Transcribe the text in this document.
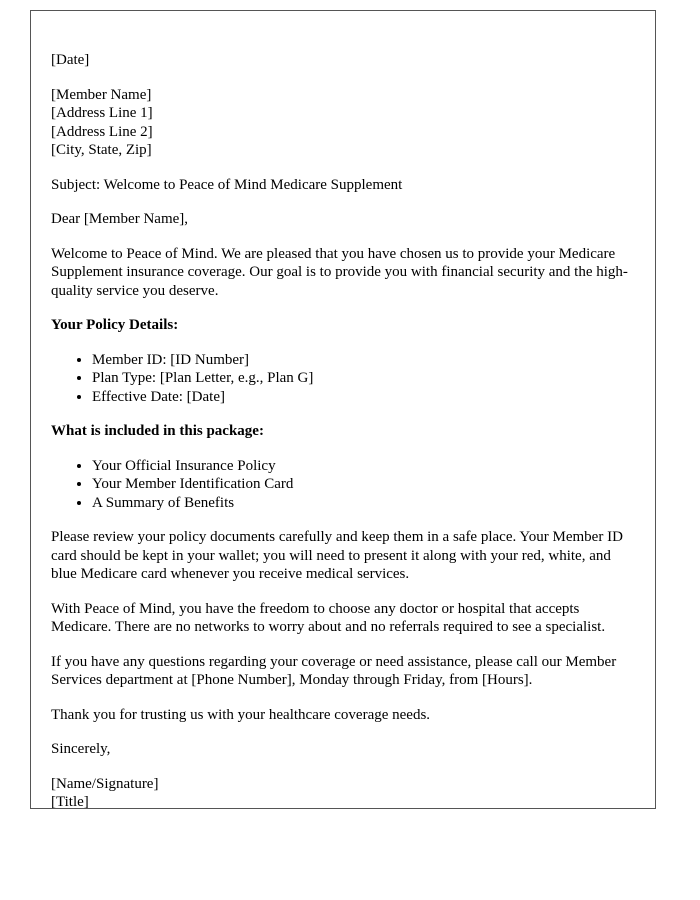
[Date]

[Member Name]

[Address Line 1]

[Address Line 2]

[City, State, Zip]

Subject: Welcome to Peace of Mind Medicare Supplement

Dear [Member Name],

Welcome to Peace of Mind. We are pleased that you have chosen us to provide your Medicare Supplement insurance coverage. Our goal is to provide you with financial security and the high-quality service you deserve.

Your Policy Details:

• Member ID: [ID Number]
• Plan Type: [Plan Letter, e.g., Plan G]
• Effective Date: [Date]

What is included in this package:

• Your Official Insurance Policy
• Your Member Identification Card
• A Summary of Benefits

Please review your policy documents carefully and keep them in a safe place. Your Member ID card should be kept in your wallet; you will need to present it along with your red, white, and blue Medicare card whenever you receive medical services.

With Peace of Mind, you have the freedom to choose any doctor or hospital that accepts Medicare. There are no networks to worry about and no referrals required to see a specialist.

If you have any questions regarding your coverage or need assistance, please call our Member Services department at [Phone Number], Monday through Friday, from [Hours].

Thank you for trusting us with your healthcare coverage needs.

Sincerely,

[Name/Signature]

[Title]
